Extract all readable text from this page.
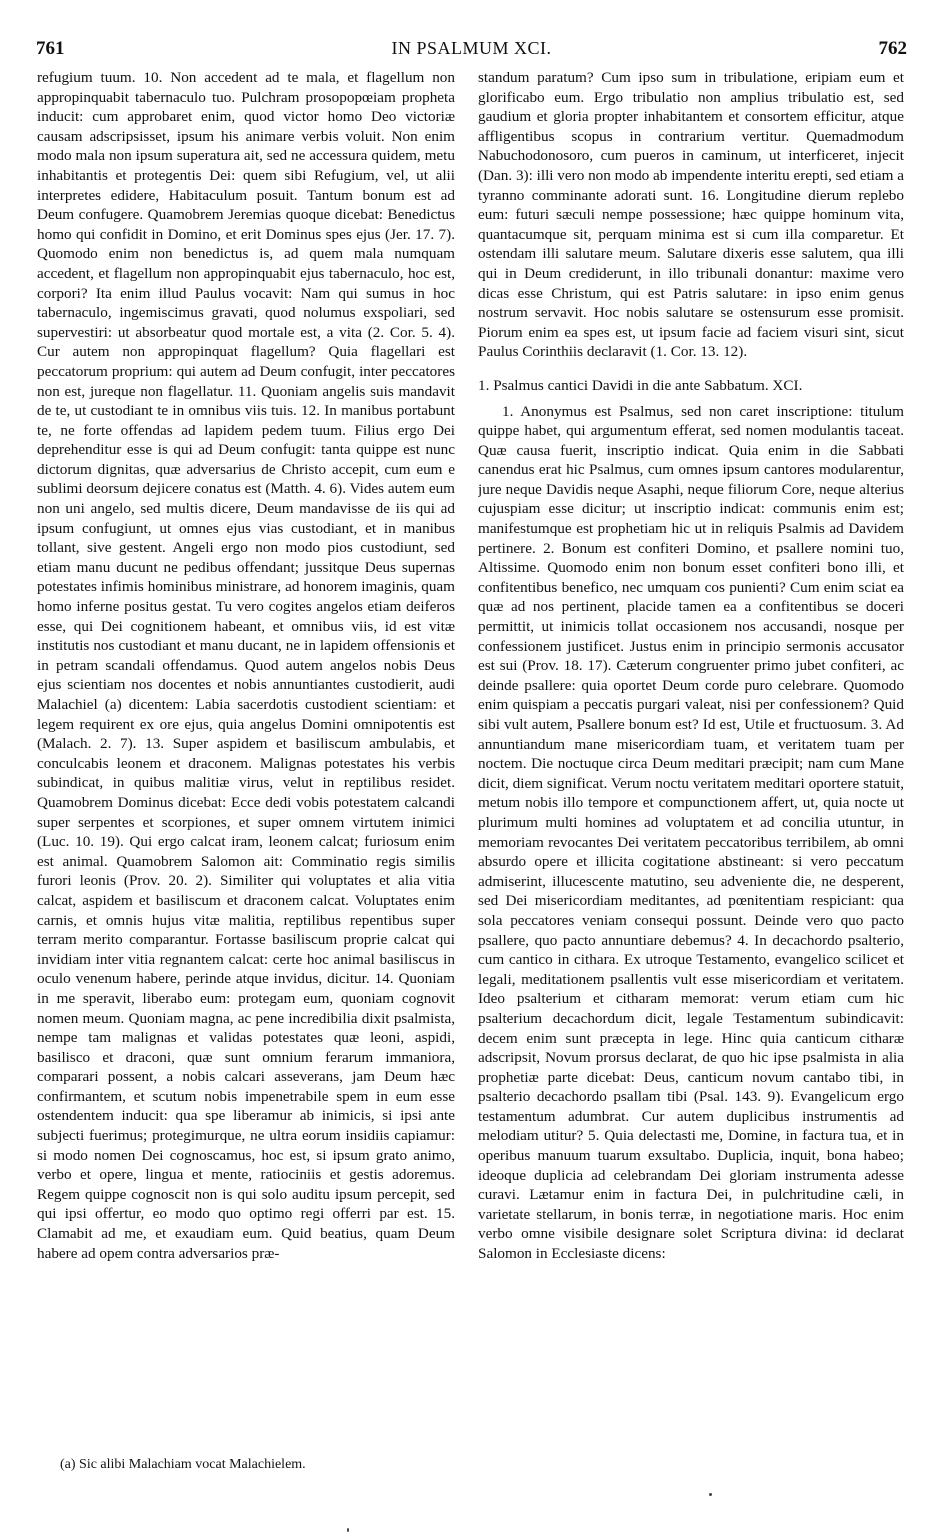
761	IN PSALMUM XCI.	762

refugium tuum. 10. Non accedent ad te mala, et flagellum non appropinquabit tabernaculo tuo. Pulchram prosopopœiam propheta inducit: cum approbaret enim, quod victor homo Deo victoriæ causam adscripsisset, ipsum his animare verbis voluit. Non enim modo mala non ipsum superatura ait, sed ne accessura quidem, metu inhabitantis et protegentis Dei: quem sibi Refugium, vel, ut alii interpretes edidere, Habitaculum posuit. Tantum bonum est ad Deum confugere. Quamobrem Jeremias quoque dicebat: Benedictus homo qui confidit in Domino, et erit Dominus spes ejus (Jer. 17. 7). Quomodo enim non benedictus is, ad quem mala numquam accedent, et flagellum non appropinquabit ejus tabernaculo, hoc est, corpori? Ita enim illud Paulus vocavit: Nam qui sumus in hoc tabernaculo, ingemiscimus gravati, quod nolumus exspoliari, sed supervestiri: ut absorbeatur quod mortale est, a vita (2. Cor. 5. 4). Cur autem non appropinquat flagellum? Quia flagellari est peccatorum proprium: qui autem ad Deum confugit, inter peccatores non est, jureque non flagellatur. 11. Quoniam angelis suis mandavit de te, ut custodiant te in omnibus viis tuis. 12. In manibus portabunt te, ne forte offendas ad lapidem pedem tuum. Filius ergo Dei deprehenditur esse is qui ad Deum confugit: tanta quippe est nunc dictorum dignitas, quæ adversarius de Christo accepit, cum eum e sublimi deorsum dejicere conatus est (Matth. 4. 6). Vides autem eum non uni angelo, sed multis dicere, Deum mandavisse de iis qui ad ipsum confugiunt, ut omnes ejus vias custodiant, et in manibus tollant, sive gestent. Angeli ergo non modo pios custodiunt, sed etiam manu ducunt ne pedibus offendant; jussitque Deus supernas potestates infimis hominibus ministrare, ad honorem imaginis, quam homo inferne positus gestat. Tu vero cogites angelos etiam deiferos esse, qui Dei cognitionem habeant, et omnibus viis, id est vitæ institutis nos custodiant et manu ducant, ne in lapidem offensionis et in petram scandali offendamus. Quod autem angelos nobis Deus ejus scientiam nos docentes et nobis annuntiantes custodierit, audi Malachiel (a) dicentem: Labia sacerdotis custodient scientiam: et legem requirent ex ore ejus, quia angelus Domini omnipotentis est (Malach. 2. 7). 13. Super aspidem et basiliscum ambulabis, et conculcabis leonem et draconem. Malignas potestates his verbis subindicat, in quibus malitiæ virus, velut in reptilibus residet. Quamobrem Dominus dicebat: Ecce dedi vobis potestatem calcandi super serpentes et scorpiones, et super omnem virtutem inimici (Luc. 10. 19). Qui ergo calcat iram, leonem calcat; furiosum enim est animal. Quamobrem Salomon ait: Comminatio regis similis furori leonis (Prov. 20. 2). Similiter qui voluptates et alia vitia calcat, aspidem et basiliscum et draconem calcat. Voluptates enim carnis, et omnis hujus vitæ malitia, reptilibus repentibus super terram merito comparantur. Fortasse basiliscum proprie calcat qui invidiam inter vitia regnantem calcat: certe hoc animal basiliscus in oculo venenum habere, perinde atque invidus, dicitur. 14. Quoniam in me speravit, liberabo eum: protegam eum, quoniam cognovit nomen meum. Quoniam magna, ac pene incredibilia dixit psalmista, nempe tam malignas et validas potestates quæ leoni, aspidi, basilisco et draconi, quæ sunt omnium ferarum immaniora, comparari possent, a nobis calcari asseverans, jam Deum hæc confirmantem, et scutum nobis impenetrabile spem in eum esse ostendentem inducit: qua spe liberamur ab inimicis, si ipsi ante subjecti fuerimus; protegimurque, ne ultra eorum insidiis capiamur: si modo nomen Dei cognoscamus, hoc est, si ipsum grato animo, verbo et opere, lingua et mente, ratiociniis et gestis adoremus. Regem quippe cognoscit non is qui solo auditu ipsum percepit, sed qui ipsi offertur, eo modo quo optimo regi offerri par est. 15. Clamabit ad me, et exaudiam eum. Quid beatius, quam Deum habere ad opem contra adversarios præ-

standum paratum? Cum ipso sum in tribulatione, eripiam eum et glorificabo eum. Ergo tribulatio non amplius tribulatio est, sed gaudium et gloria propter inhabitantem et consortem efficitur, atque affligentibus scopus in contrarium vertitur. Quemadmodum Nabuchodonosoro, cum pueros in caminum, ut interficeret, injecit (Dan. 3): illi vero non modo ab impendente interitu erepti, sed etiam a tyranno comminante adorati sunt. 16. Longitudine dierum replebo eum: futuri sæculi nempe possessione; hæc quippe hominum vita, quantacumque sit, perquam minima est si cum illa comparetur. Et ostendam illi salutare meum. Salutare dixeris esse salutem, qua illi qui in Deum crediderunt, in illo tribunali donantur: maxime vero dicas esse Christum, qui est Patris salutare: in ipso enim genus nostrum servavit. Hoc nobis salutare se ostensurum esse promisit. Piorum enim ea spes est, ut ipsum facie ad faciem visuri sint, sicut Paulus Corinthiis declaravit (1. Cor. 13. 12).

1. Psalmus cantici Davidi in die ante Sabbatum. XCI.

1. Anonymus est Psalmus, sed non caret inscriptione: titulum quippe habet, qui argumentum efferat, sed nomen modulantis taceat. Quæ causa fuerit, inscriptio indicat. Quia enim in die Sabbati canendus erat hic Psalmus, cum omnes ipsum cantores modularentur, jure neque Davidis neque Asaphi, neque filiorum Core, neque alterius cujuspiam esse dicitur; ut inscriptio indicat: communis enim est; manifestumque est prophetiam hic ut in reliquis Psalmis ad Davidem pertinere. 2. Bonum est confiteri Domino, et psallere nomini tuo, Altissime. Quomodo enim non bonum esset confiteri bono illi, et confitentibus benefico, nec umquam cos punienti? Cum enim sciat ea quæ ad nos pertinent, placide tamen ea a confitentibus se doceri permittit, ut inimicis tollat occasionem nos accusandi, nosque per confessionem justificet. Justus enim in principio sermonis accusator est sui (Prov. 18. 17). Cæterum congruenter primo jubet confiteri, ac deinde psallere: quia oportet Deum corde puro celebrare. Quomodo enim quispiam a peccatis purgari valeat, nisi per confessionem? Quid sibi vult autem, Psallere bonum est? Id est, Utile et fructuosum. 3. Ad annuntiandum mane misericordiam tuam, et veritatem tuam per noctem. Die noctuque circa Deum meditari præcipit; nam cum Mane dicit, diem significat. Verum noctu veritatem meditari oportere statuit, metum nobis illo tempore et compunctionem affert, ut, quia nocte ut plurimum multi homines ad voluptatem et ad concilia utuntur, in memoriam revocantes Dei veritatem peccatoribus terribilem, ab omni absurdo opere et illicita cogitatione abstineant: si vero peccatum admiserint, illucescente matutino, seu adveniente die, ne desperent, sed Dei misericordiam meditantes, ad pœnitentiam respiciant: qua sola peccatores veniam consequi possunt. Deinde vero quo pacto psallere, quo pacto annuntiare debemus? 4. In decachordo psalterio, cum cantico in cithara. Ex utroque Testamento, evangelico scilicet et legali, meditationem psallentis vult esse misericordiam et veritatem. Ideo psalterium et citharam memorat: verum etiam cum hic psalterium decachordum dicit, legale Testamentum subindicavit: decem enim sunt præcepta in lege. Hinc quia canticum citharæ adscripsit, Novum prorsus declarat, de quo hic ipse psalmista in alia prophetiæ parte dicebat: Deus, canticum novum cantabo tibi, in psalterio decachordo psallam tibi (Psal. 143. 9). Evangelicum ergo testamentum adumbrat. Cur autem duplicibus instrumentis ad melodiam utitur? 5. Quia delectasti me, Domine, in factura tua, et in operibus manuum tuarum exsultabo. Duplicia, inquit, bona habeo; ideoque duplicia ad celebrandam Dei gloriam instrumenta adesse curavi. Lætamur enim in factura Dei, in pulchritudine cæli, in varietate stellarum, in bonis terræ, in negotiatione maris. Hoc enim verbo omne visibile designare solet Scriptura divina: id declarat Salomon in Ecclesiaste dicens:

(a) Sic alibi Malachiam vocat Malachielem.
